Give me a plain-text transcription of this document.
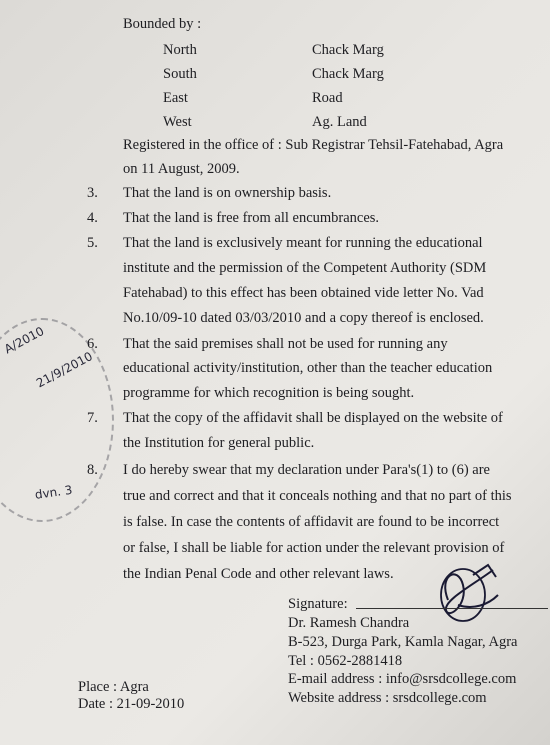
Bounded by :
North	Chack Marg
South	Chack Marg
East	Road
West	Ag. Land
Registered in the office of : Sub Registrar Tehsil-Fatehabad, Agra
on 11 August, 2009.
3. That the land is on ownership basis.
4. That the land is free from all encumbrances.
5. That the land is exclusively meant for running the educational
institute and the permission of the Competent Authority (SDM
Fatehabad) to this effect has been obtained vide letter No. Vad
No.10/09-10 dated 03/03/2010 and a copy thereof is enclosed.
6. That the said premises shall not be used for running any
educational activity/institution, other than the teacher education
programme for which recognition is being sought.
7. That the copy of the affidavit shall be displayed on the website of
the Institution for general public.
8. I do hereby swear that my declaration under Para's(1) to (6) are
true and correct and that it conceals nothing and that no part of this
is false. In case the contents of affidavit are found to be incorrect
or false, I shall be liable for action under the relevant provision of
the Indian Penal Code and other relevant laws.
Signature:
Dr. Ramesh Chandra
B-523, Durga Park, Kamla Nagar, Agra
Tel : 0562-2881418
E-mail address : info@srsdcollege.com
Website address : srsdcollege.com
Place : Agra
Date : 21-09-2010
A/2010
21/9/2010
dvn. 3
